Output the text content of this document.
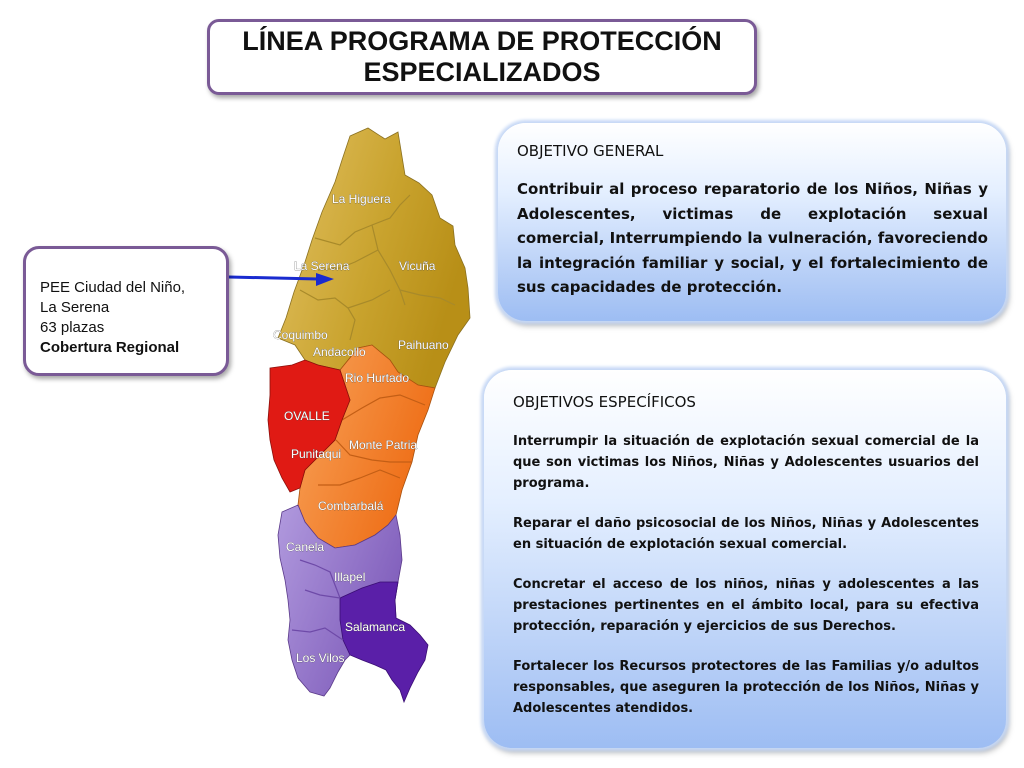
LÍNEA PROGRAMA DE PROTECCIÓN
ESPECIALIZADOS
La Higuera
La Serena	Vicuña
Coquimbo
Andacollo	Paihuano
Rio Hurtado
OVALLE
Monte Patria
Punitaqui
Combarbalá
Canela
Illapel
Salamanca
Los Vilos
PEE Ciudad del Niño,
La Serena
63 plazas
Cobertura Regional
OBJETIVO GENERAL

Contribuir al proceso reparatorio de los Niños, Niñas y Adolescentes, victimas de explotación sexual comercial, Interrumpiendo la vulneración, favoreciendo la integración familiar y social, y el fortalecimiento de sus capacidades de protección.

OBJETIVOS ESPECÍFICOS

Interrumpir la situación de explotación sexual comercial de la que son victimas los Niños, Niñas y Adolescentes usuarios del programa.

Reparar el daño psicosocial de los Niños, Niñas y Adolescentes en situación de explotación sexual comercial.

Concretar el acceso de los niños, niñas y adolescentes a las prestaciones pertinentes en el ámbito local, para su efectiva protección, reparación y ejercicios de sus Derechos.

Fortalecer los Recursos protectores de las Familias y/o adultos responsables, que aseguren la protección de los Niños, Niñas y Adolescentes atendidos.
